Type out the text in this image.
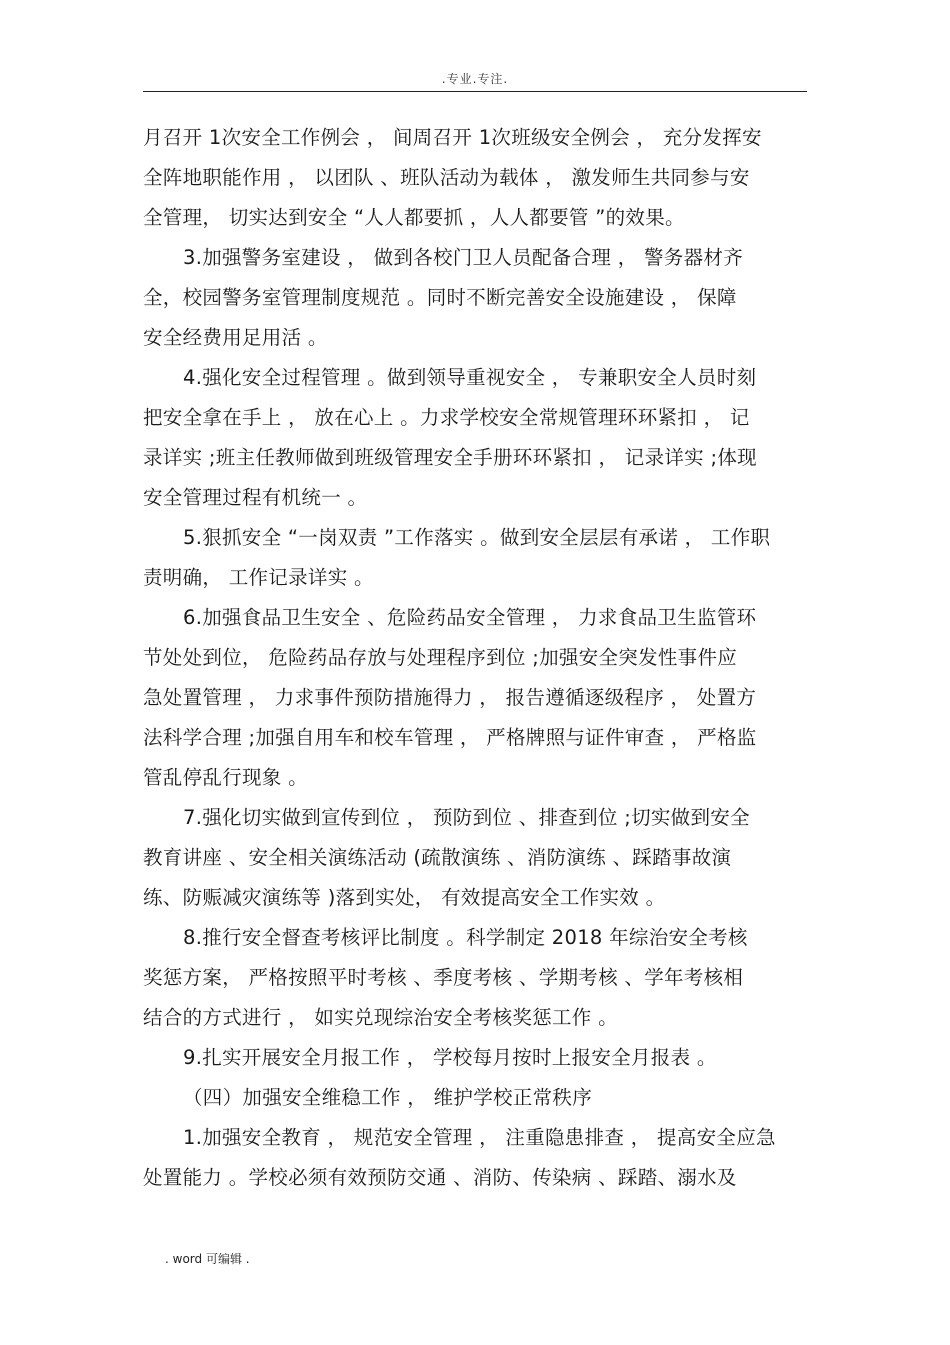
.专业.专注.
月召开 1次安全工作例会 ， 间周召开 1次班级安全例会 ， 充分发挥安
全阵地职能作用 ， 以团队 、班队活动为载体 ， 激发师生共同参与安
全管理， 切实达到安全 “人人都要抓 ，人人都要管 ”的效果。
3.加强警务室建设 ， 做到各校门卫人员配备合理 ， 警务器材齐
全，校园警务室管理制度规范 。同时不断完善安全设施建设 ， 保障
安全经费用足用活 。
4.强化安全过程管理 。做到领导重视安全 ， 专兼职安全人员时刻
把安全拿在手上 ， 放在心上 。力求学校安全常规管理环环紧扣 ， 记
录详实 ;班主任教师做到班级管理安全手册环环紧扣 ， 记录详实 ;体现
安全管理过程有机统一 。
5.狠抓安全 “一岗双责 ”工作落实 。做到安全层层有承诺 ， 工作职
责明确， 工作记录详实 。
6.加强食品卫生安全 、危险药品安全管理 ， 力求食品卫生监管环
节处处到位， 危险药品存放与处理程序到位 ;加强安全突发性事件应
急处置管理 ， 力求事件预防措施得力 ， 报告遵循逐级程序 ， 处置方
法科学合理 ;加强自用车和校车管理 ， 严格牌照与证件审查 ， 严格监
管乱停乱行现象 。
7.强化切实做到宣传到位 ， 预防到位 、排查到位 ;切实做到安全
教育讲座 、安全相关演练活动 (疏散演练 、消防演练 、踩踏事故演
练、防赈减灾演练等 )落到实处， 有效提高安全工作实效 。
8.推行安全督查考核评比制度 。科学制定 2018 年综治安全考核
奖惩方案， 严格按照平时考核 、季度考核 、学期考核 、学年考核相
结合的方式进行 ， 如实兑现综治安全考核奖惩工作 。
9.扎实开展安全月报工作 ， 学校每月按时上报安全月报表 。
（四）加强安全维稳工作 ， 维护学校正常秩序
1.加强安全教育 ， 规范安全管理 ， 注重隐患排查 ， 提高安全应急
处置能力 。学校必须有效预防交通 、消防、传染病 、踩踏、溺水及
. word 可编辑 .
